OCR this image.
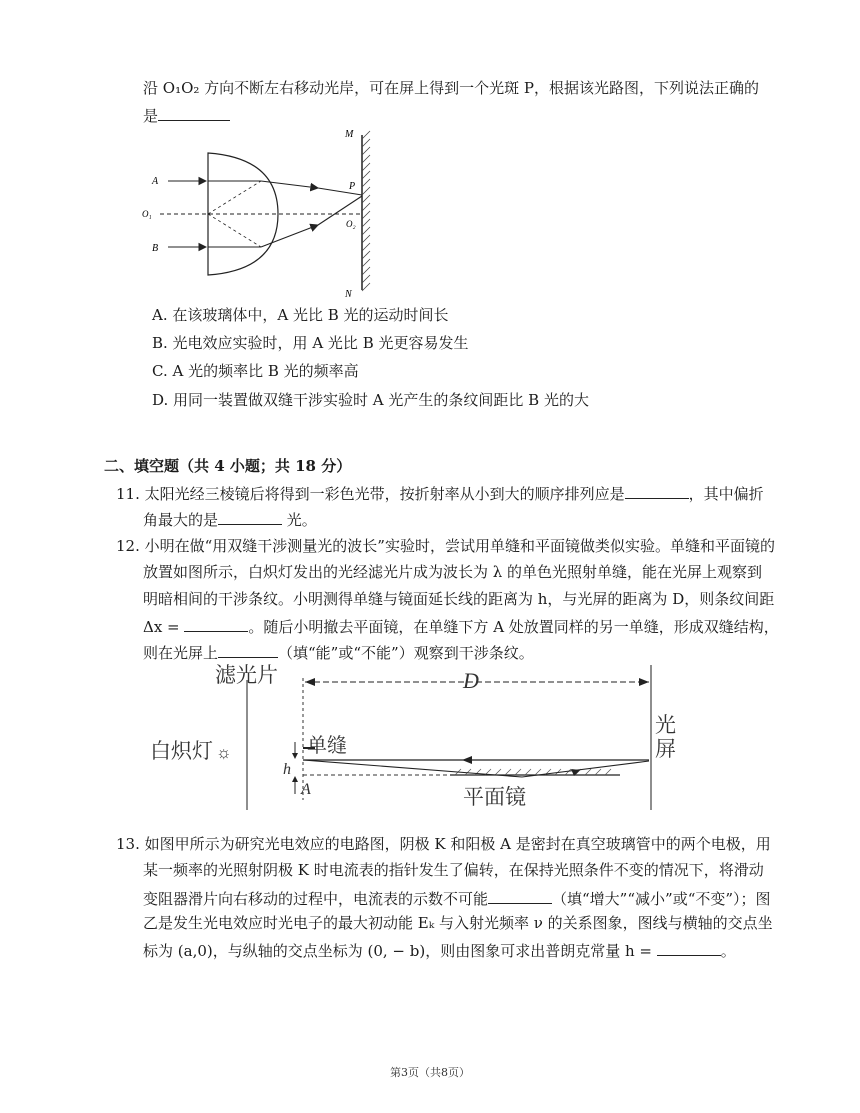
沿 O₁O₂ 方向不断左右移动光岸，可在屏上得到一个光斑 P，根据该光路图，下列说法正确的
是
M
N
P
O₂
O₁
A
B
A. 在该玻璃体中，A 光比 B 光的运动时间长
B. 光电效应实验时，用 A 光比 B 光更容易发生
C. A 光的频率比 B 光的频率高
D. 用同一装置做双缝干涉实验时 A 光产生的条纹间距比 B 光的大
二、填空题（共 4 小题；共 18 分）
11. 太阳光经三棱镜后将得到一彩色光带，按折射率从小到大的顺序排列应是	，其中偏折
角最大的是	光。
12. 小明在做“用双缝干涉测量光的波长”实验时，尝试用单缝和平面镜做类似实验。单缝和平面镜的
放置如图所示，白炽灯发出的光经滤光片成为波长为 λ 的单色光照射单缝，能在光屏上观察到
明暗相间的干涉条纹。小明测得单缝与镜面延长线的距离为 h，与光屏的距离为 D，则条纹间距
Δx =	。随后小明撤去平面镜，在单缝下方 A 处放置同样的另一单缝，形成双缝结构，
则在光屏上	（填“能”或“不能”）观察到干涉条纹。
滤光片
白炽灯 ☼	单缝
平面镜
D
h
A
光
屏
13. 如图甲所示为研究光电效应的电路图，阴极 K 和阳极 A 是密封在真空玻璃管中的两个电极，用
某一频率的光照射阴极 K 时电流表的指针发生了偏转，在保持光照条件不变的情况下，将滑动
变阻器滑片向右移动的过程中，电流表的示数不可能	（填“增大”“减小”或“不变”）；图
乙是发生光电效应时光电子的最大初动能 Eₖ 与入射光频率 ν 的关系图象，图线与横轴的交点坐
标为 (a,0)，与纵轴的交点坐标为 (0, − b)，则由图象可求出普朗克常量 h =	。
第3页（共8页）
